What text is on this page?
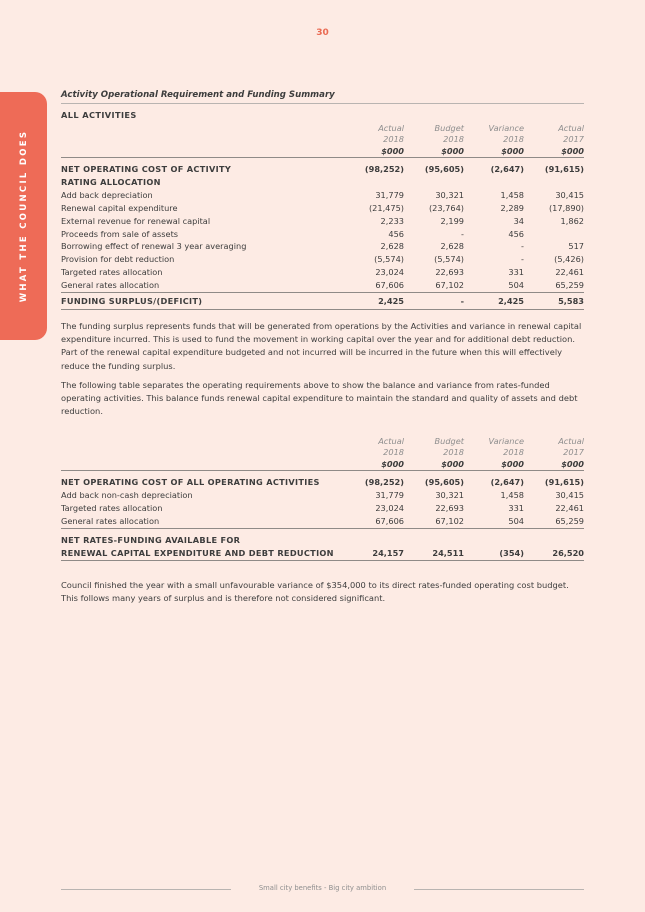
30
WHAT THE COUNCIL DOES
Activity Operational Requirement and Funding Summary
ALL ACTIVITIES
	Actual	Budget	Variance	Actual
	2018	2018	2018	2017
	$000	$000	$000	$000

NET OPERATING COST OF ACTIVITY	(98,252)	(95,605)	(2,647)	(91,615)
RATING ALLOCATION				
Add back depreciation	31,779	30,321	1,458	30,415
Renewal capital expenditure	(21,475)	(23,764)	2,289	(17,890)
External revenue for renewal capital	2,233	2,199	34	1,862
Proceeds from sale of assets	456	-	456	
Borrowing effect of renewal 3 year averaging	2,628	2,628	-	517
Provision for debt reduction	(5,574)	(5,574)	-	(5,426)
Targeted rates allocation	23,024	22,693	331	22,461
General rates allocation	67,606	67,102	504	65,259
FUNDING SURPLUS/(DEFICIT)	2,425	-	2,425	5,583

The funding surplus represents funds that will be generated from operations by the Activities and variance in renewal capital expenditure incurred. This is used to fund the movement in working capital over the year and for additional debt reduction. Part of the renewal capital expenditure budgeted and not incurred will be incurred in the future when this will effectively reduce the funding surplus.

The following table separates the operating requirements above to show the balance and variance from rates-funded operating activities. This balance funds renewal capital expenditure to maintain the standard and quality of assets and debt reduction.

	Actual	Budget	Variance	Actual
	2018	2018	2018	2017
	$000	$000	$000	$000

NET OPERATING COST OF ALL OPERATING ACTIVITIES	(98,252)	(95,605)	(2,647)	(91,615)
Add back non-cash depreciation	31,779	30,321	1,458	30,415
Targeted rates allocation	23,024	22,693	331	22,461
General rates allocation	67,606	67,102	504	65,259

NET RATES-FUNDING AVAILABLE FOR				
RENEWAL CAPITAL EXPENDITURE AND DEBT REDUCTION	24,157	24,511	(354)	26,520

Council finished the year with a small unfavourable variance of $354,000 to its direct rates-funded operating cost budget. This follows many years of surplus and is therefore not considered significant.

Small city benefits - Big city ambition
